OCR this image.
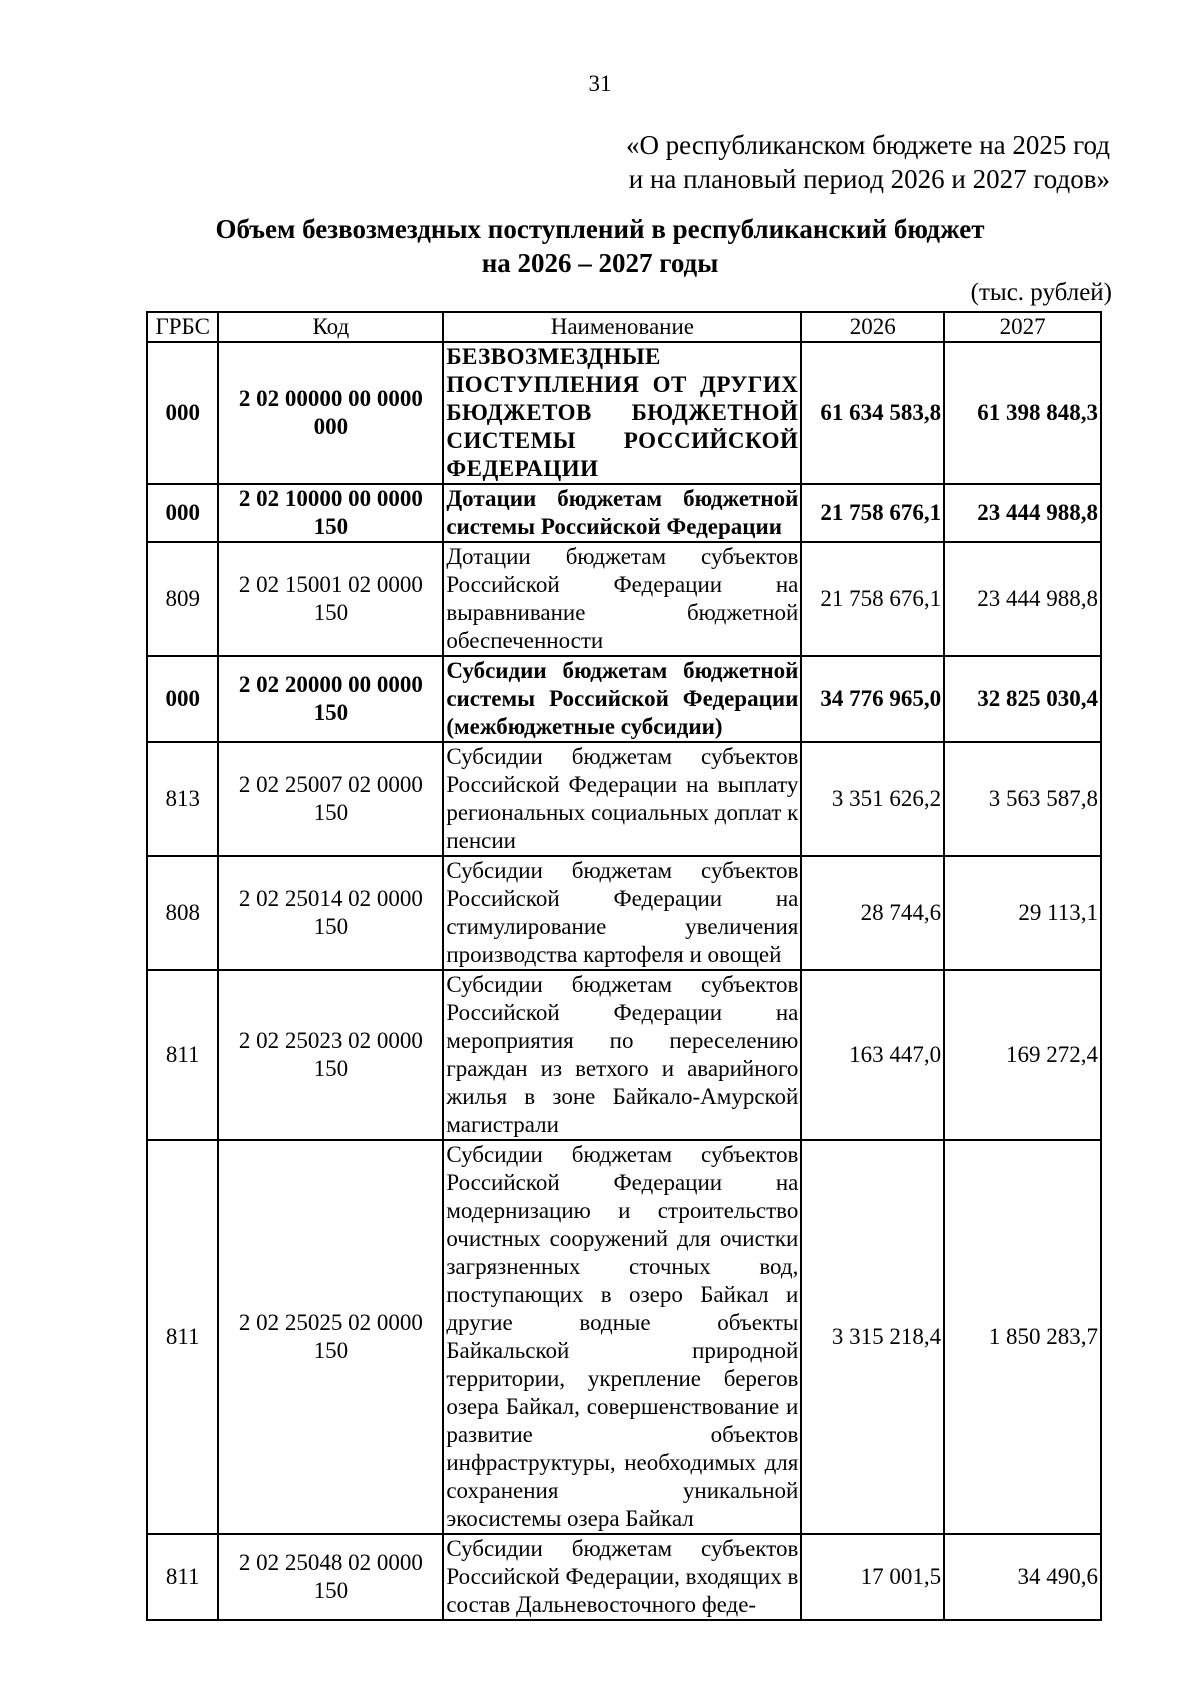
31
«О республиканском бюджете на 2025 год
и на плановый период 2026 и 2027 годов»
Объем безвозмездных поступлений в республиканский бюджет
на 2026 – 2027 годы
(тыс. рублей)
ГРБС	Код	Наименование	2026	2027
000	2 02 00000 00 0000 000	БЕЗВОЗМЕЗДНЫЕ ПОСТУПЛЕНИЯ ОТ ДРУГИХ БЮДЖЕТОВ БЮДЖЕТНОЙ СИСТЕМЫ РОССИЙСКОЙ ФЕДЕРАЦИИ	61 634 583,8	61 398 848,3
000	2 02 10000 00 0000 150	Дотации бюджетам бюджетной системы Российской Федерации	21 758 676,1	23 444 988,8
809	2 02 15001 02 0000 150	Дотации бюджетам субъектов Российской Федерации на выравнивание бюджетной обеспеченности	21 758 676,1	23 444 988,8
000	2 02 20000 00 0000 150	Субсидии бюджетам бюджетной системы Российской Федерации (межбюджетные субсидии)	34 776 965,0	32 825 030,4
813	2 02 25007 02 0000 150	Субсидии бюджетам субъектов Российской Федерации на выплату региональных социальных доплат к пенсии	3 351 626,2	3 563 587,8
808	2 02 25014 02 0000 150	Субсидии бюджетам субъектов Российской Федерации на стимулирование увеличения производства картофеля и овощей	28 744,6	29 113,1
811	2 02 25023 02 0000 150	Субсидии бюджетам субъектов Российской Федерации на мероприятия по переселению граждан из ветхого и аварийного жилья в зоне Байкало-Амурской магистрали	163 447,0	169 272,4
811	2 02 25025 02 0000 150	Субсидии бюджетам субъектов Российской Федерации на модернизацию и строительство очистных сооружений для очистки загрязненных сточных вод, поступающих в озеро Байкал и другие водные объекты Байкальской природной территории, укрепление берегов озера Байкал, совершенствование и развитие объектов инфраструктуры, необходимых для сохранения уникальной экосистемы озера Байкал	3 315 218,4	1 850 283,7
811	2 02 25048 02 0000 150	Субсидии бюджетам субъектов Российской Федерации, входящих в состав Дальневосточного феде-	17 001,5	34 490,6
